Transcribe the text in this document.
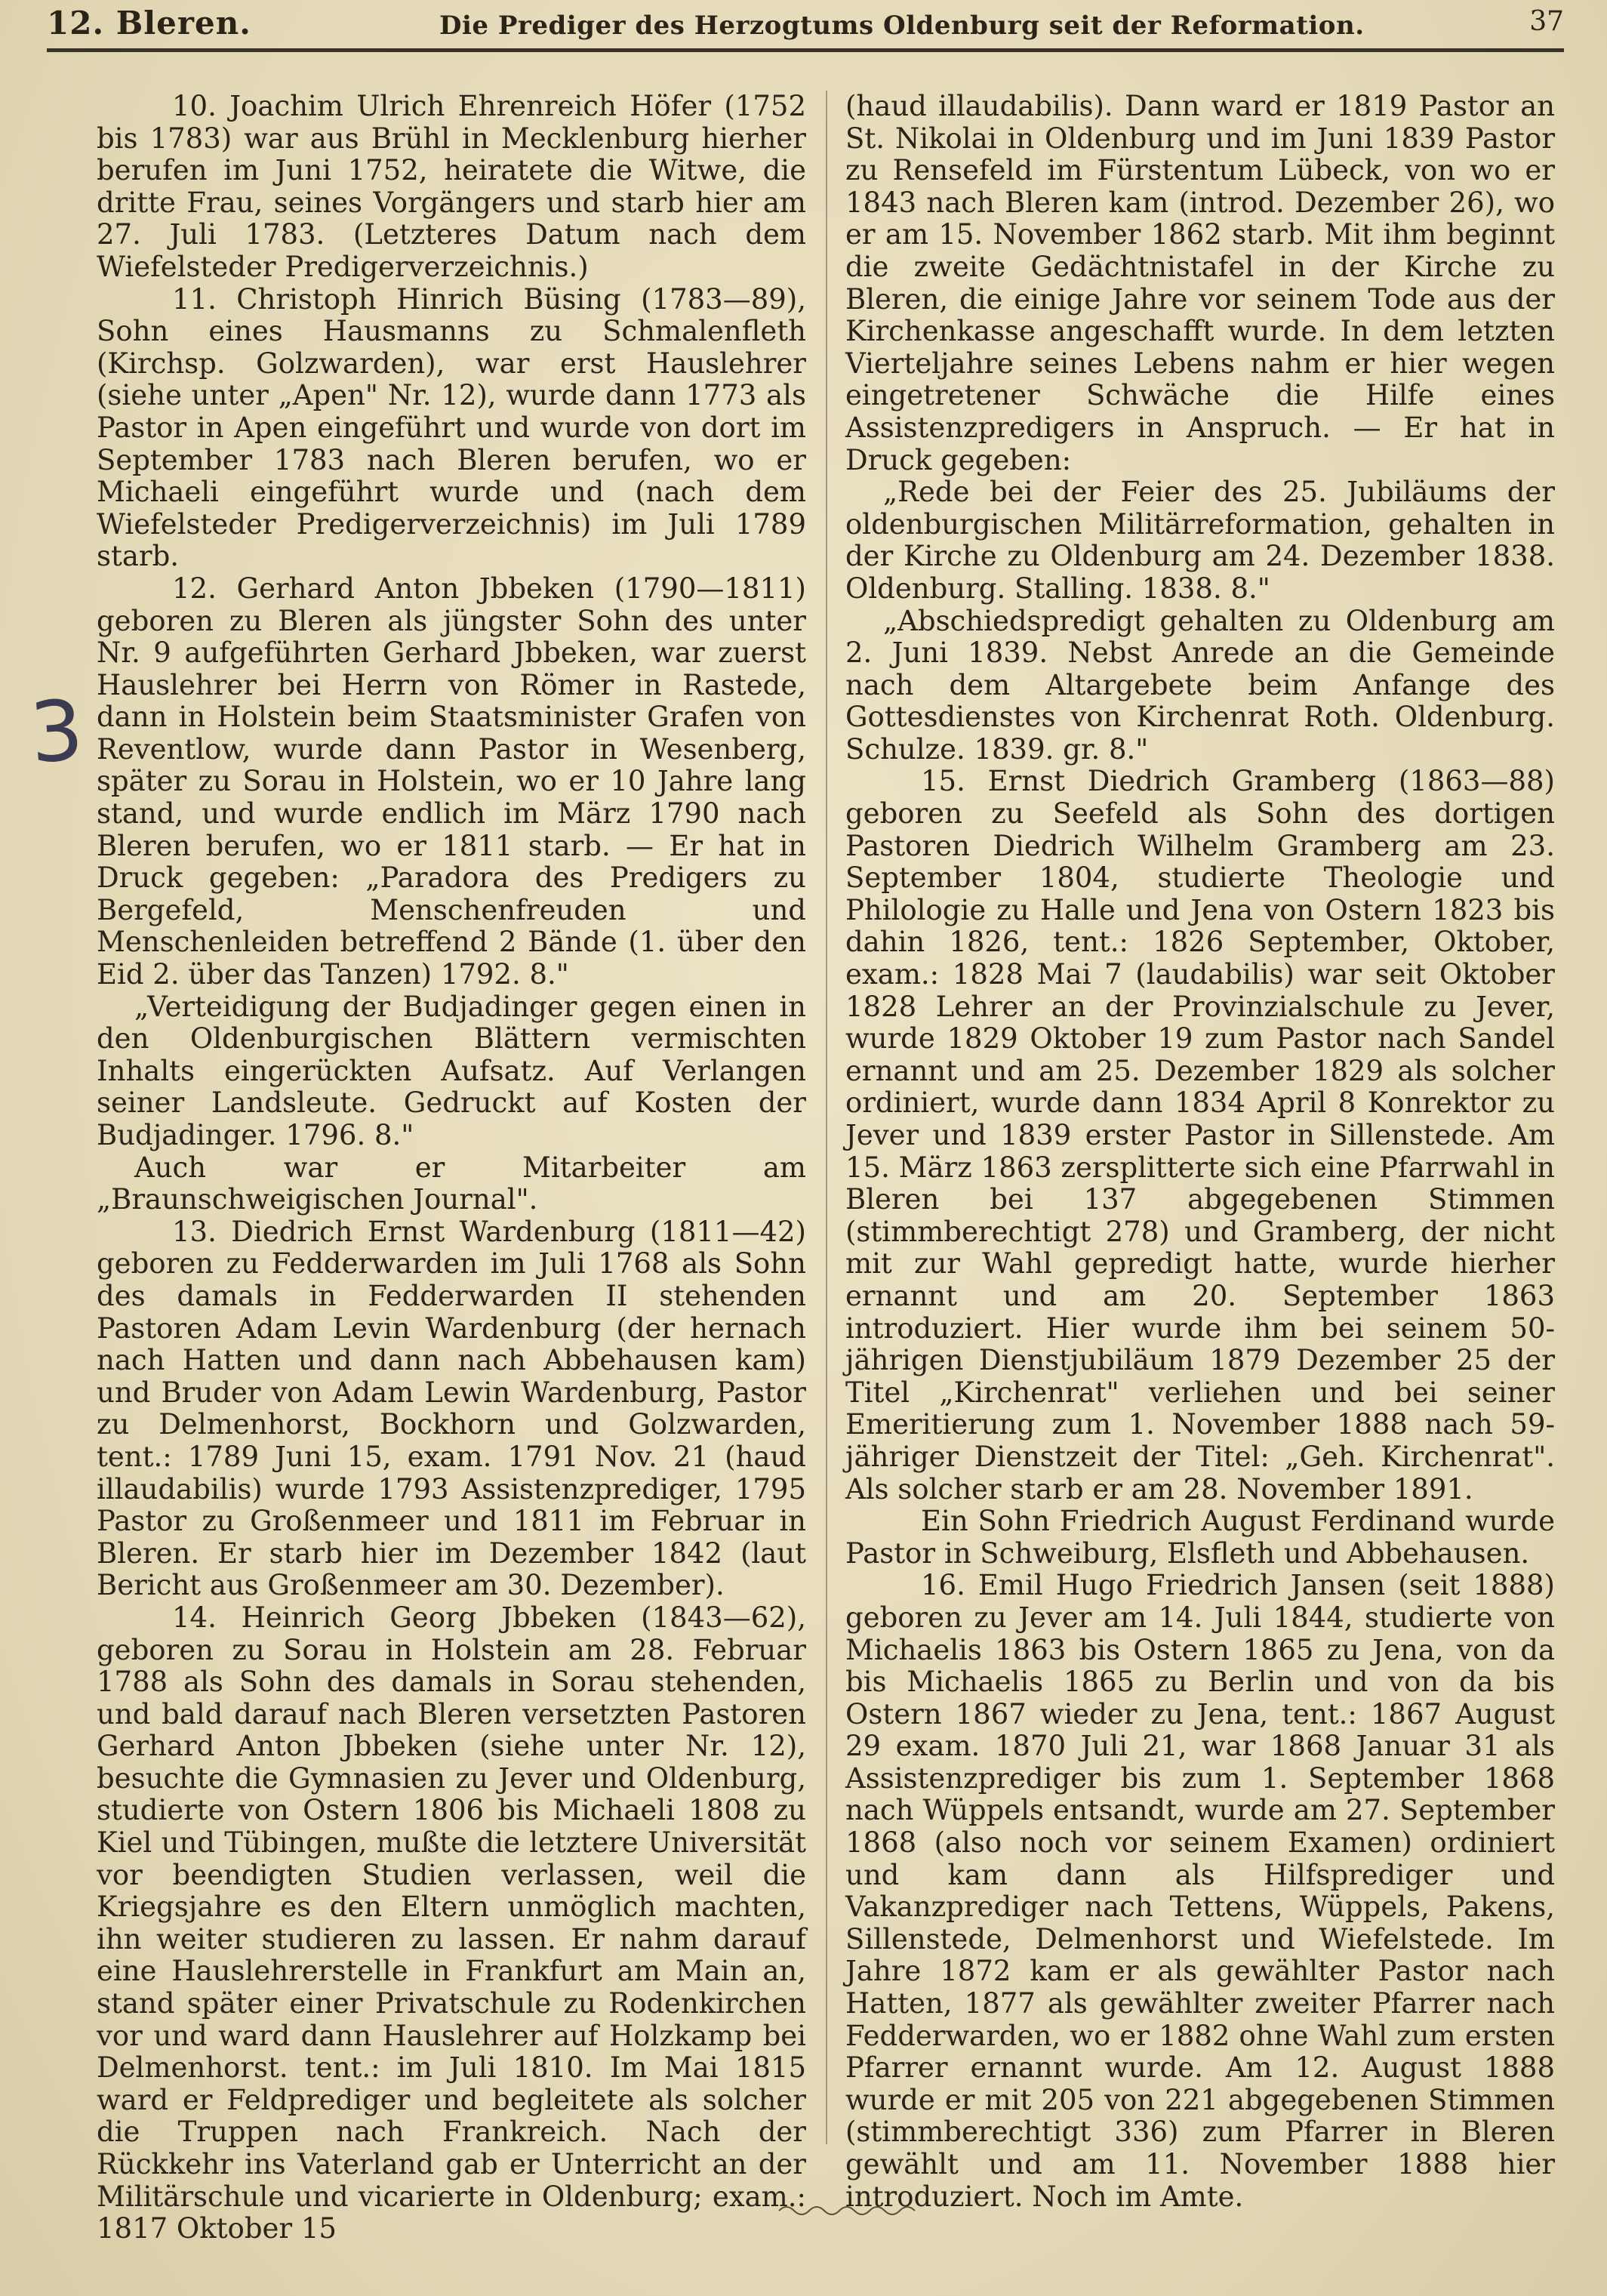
12. Bleren.	Die Prediger des Herzogtums Oldenburg seit der Reformation.	37
3

10. Joachim Ulrich Ehrenreich Höfer (1752 bis 1783) war aus Brühl in Mecklenburg hierher berufen im Juni 1752, heiratete die Witwe, die dritte Frau, seines Vorgängers und starb hier am 27. Juli 1783. (Letzteres Datum nach dem Wiefelsteder Predigerverzeichnis.)

11. Christoph Hinrich Büsing (1783—89), Sohn eines Hausmanns zu Schmalenfleth (Kirchsp. Golzwarden), war erst Hauslehrer (siehe unter „Apen" Nr. 12), wurde dann 1773 als Pastor in Apen eingeführt und wurde von dort im September 1783 nach Bleren berufen, wo er Michaeli eingeführt wurde und (nach dem Wiefelsteder Predigerverzeichnis) im Juli 1789 starb.

12. Gerhard Anton Jbbeken (1790—1811) geboren zu Bleren als jüngster Sohn des unter Nr. 9 aufgeführten Gerhard Jbbeken, war zuerst Hauslehrer bei Herrn von Römer in Rastede, dann in Holstein beim Staatsminister Grafen von Reventlow, wurde dann Pastor in Wesenberg, später zu Sorau in Holstein, wo er 10 Jahre lang stand, und wurde endlich im März 1790 nach Bleren berufen, wo er 1811 starb. — Er hat in Druck gegeben: „Paradora des Predigers zu Bergefeld, Menschenfreuden und Menschenleiden betreffend 2 Bände (1. über den Eid 2. über das Tanzen) 1792. 8."

„Verteidigung der Budjadinger gegen einen in den Oldenburgischen Blättern vermischten Inhalts eingerückten Aufsatz. Auf Verlangen seiner Landsleute. Gedruckt auf Kosten der Budjadinger. 1796. 8."

Auch war er Mitarbeiter am „Braunschweigischen Journal".

13. Diedrich Ernst Wardenburg (1811—42) geboren zu Fedderwarden im Juli 1768 als Sohn des damals in Fedderwarden II stehenden Pastoren Adam Levin Wardenburg (der hernach nach Hatten und dann nach Abbehausen kam) und Bruder von Adam Lewin Wardenburg, Pastor zu Delmenhorst, Bockhorn und Golzwarden, tent.: 1789 Juni 15, exam. 1791 Nov. 21 (haud illaudabilis) wurde 1793 Assistenzprediger, 1795 Pastor zu Großenmeer und 1811 im Februar in Bleren. Er starb hier im Dezember 1842 (laut Bericht aus Großenmeer am 30. Dezember).

14. Heinrich Georg Jbbeken (1843—62), geboren zu Sorau in Holstein am 28. Februar 1788 als Sohn des damals in Sorau stehenden, und bald darauf nach Bleren versetzten Pastoren Gerhard Anton Jbbeken (siehe unter Nr. 12), besuchte die Gymnasien zu Jever und Oldenburg, studierte von Ostern 1806 bis Michaeli 1808 zu Kiel und Tübingen, mußte die letztere Universität vor beendigten Studien verlassen, weil die Kriegsjahre es den Eltern unmöglich machten, ihn weiter studieren zu lassen. Er nahm darauf eine Hauslehrerstelle in Frankfurt am Main an, stand später einer Privatschule zu Rodenkirchen vor und ward dann Hauslehrer auf Holzkamp bei Delmenhorst. tent.: im Juli 1810. Im Mai 1815 ward er Feldprediger und begleitete als solcher die Truppen nach Frankreich. Nach der Rückkehr ins Vaterland gab er Unterricht an der Militärschule und vicarierte in Oldenburg; exam.: 1817 Oktober 15

(haud illaudabilis). Dann ward er 1819 Pastor an St. Nikolai in Oldenburg und im Juni 1839 Pastor zu Rensefeld im Fürstentum Lübeck, von wo er 1843 nach Bleren kam (introd. Dezember 26), wo er am 15. November 1862 starb. Mit ihm beginnt die zweite Gedächtnistafel in der Kirche zu Bleren, die einige Jahre vor seinem Tode aus der Kirchenkasse angeschafft wurde. In dem letzten Vierteljahre seines Lebens nahm er hier wegen eingetretener Schwäche die Hilfe eines Assistenzpredigers in Anspruch. — Er hat in Druck gegeben:

„Rede bei der Feier des 25. Jubiläums der oldenburgischen Militärreformation, gehalten in der Kirche zu Oldenburg am 24. Dezember 1838. Oldenburg. Stalling. 1838. 8."

„Abschiedspredigt gehalten zu Oldenburg am 2. Juni 1839. Nebst Anrede an die Gemeinde nach dem Altargebete beim Anfange des Gottesdienstes von Kirchenrat Roth. Oldenburg. Schulze. 1839. gr. 8."

15. Ernst Diedrich Gramberg (1863—88) geboren zu Seefeld als Sohn des dortigen Pastoren Diedrich Wilhelm Gramberg am 23. September 1804, studierte Theologie und Philologie zu Halle und Jena von Ostern 1823 bis dahin 1826, tent.: 1826 September, Oktober, exam.: 1828 Mai 7 (laudabilis) war seit Oktober 1828 Lehrer an der Provinzialschule zu Jever, wurde 1829 Oktober 19 zum Pastor nach Sandel ernannt und am 25. Dezember 1829 als solcher ordiniert, wurde dann 1834 April 8 Konrektor zu Jever und 1839 erster Pastor in Sillenstede. Am 15. März 1863 zersplitterte sich eine Pfarrwahl in Bleren bei 137 abgegebenen Stimmen (stimmberechtigt 278) und Gramberg, der nicht mit zur Wahl gepredigt hatte, wurde hierher ernannt und am 20. September 1863 introduziert. Hier wurde ihm bei seinem 50-jährigen Dienstjubiläum 1879 Dezember 25 der Titel „Kirchenrat" verliehen und bei seiner Emeritierung zum 1. November 1888 nach 59-jähriger Dienstzeit der Titel: „Geh. Kirchenrat". Als solcher starb er am 28. November 1891.

Ein Sohn Friedrich August Ferdinand wurde Pastor in Schweiburg, Elsfleth und Abbehausen.

16. Emil Hugo Friedrich Jansen (seit 1888) geboren zu Jever am 14. Juli 1844, studierte von Michaelis 1863 bis Ostern 1865 zu Jena, von da bis Michaelis 1865 zu Berlin und von da bis Ostern 1867 wieder zu Jena, tent.: 1867 August 29 exam. 1870 Juli 21, war 1868 Januar 31 als Assistenzprediger bis zum 1. September 1868 nach Wüppels entsandt, wurde am 27. September 1868 (also noch vor seinem Examen) ordiniert und kam dann als Hilfsprediger und Vakanzprediger nach Tettens, Wüppels, Pakens, Sillenstede, Delmenhorst und Wiefelstede. Im Jahre 1872 kam er als gewählter Pastor nach Hatten, 1877 als gewählter zweiter Pfarrer nach Fedderwarden, wo er 1882 ohne Wahl zum ersten Pfarrer ernannt wurde. Am 12. August 1888 wurde er mit 205 von 221 abgegebenen Stimmen (stimmberechtigt 336) zum Pfarrer in Bleren gewählt und am 11. November 1888 hier introduziert. Noch im Amte.
